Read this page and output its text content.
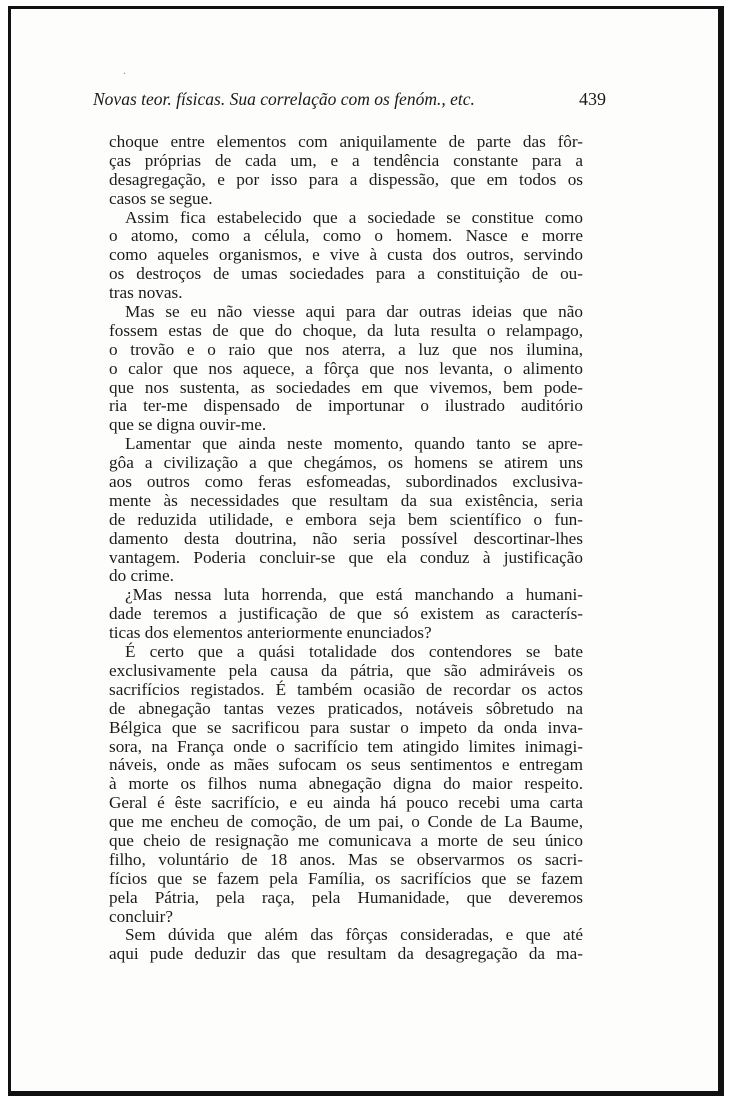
Novas teor. físicas. Sua correlação com os fenóm., etc.	439
choque entre elementos com aniquilamente de parte das fôr-
ças próprias de cada um, e a tendência constante para a
desagregação, e por isso para a dispessão, que em todos os
casos se segue.
Assim fica estabelecido que a sociedade se constitue como
o atomo, como a célula, como o homem. Nasce e morre
como aqueles organismos, e vive à custa dos outros, servindo
os destroços de umas sociedades para a constituição de ou-
tras novas.
Mas se eu não viesse aqui para dar outras ideias que não
fossem estas de que do choque, da luta resulta o relampago,
o trovão e o raio que nos aterra, a luz que nos ilumina,
o calor que nos aquece, a fôrça que nos levanta, o alimento
que nos sustenta, as sociedades em que vivemos, bem pode-
ria ter-me dispensado de importunar o ilustrado auditório
que se digna ouvir-me.
Lamentar que ainda neste momento, quando tanto se apre-
gôa a civilização a que chegámos, os homens se atirem uns
aos outros como feras esfomeadas, subordinados exclusiva-
mente às necessidades que resultam da sua existência, seria
de reduzida utilidade, e embora seja bem scientífico o fun-
damento desta doutrina, não seria possível descortinar-lhes
vantagem. Poderia concluir-se que ela conduz à justificação
do crime.
¿Mas nessa luta horrenda, que está manchando a humani-
dade teremos a justificação de que só existem as caracterís-
ticas dos elementos anteriormente enunciados?
É certo que a quási totalidade dos contendores se bate
exclusivamente pela causa da pátria, que são admiráveis os
sacrifícios registados. É também ocasião de recordar os actos
de abnegação tantas vezes praticados, notáveis sôbretudo na
Bélgica que se sacrificou para sustar o impeto da onda inva-
sora, na França onde o sacrifício tem atingido limites inimagi-
náveis, onde as mães sufocam os seus sentimentos e entregam
à morte os filhos numa abnegação digna do maior respeito.
Geral é êste sacrifício, e eu ainda há pouco recebi uma carta
que me encheu de comoção, de um pai, o Conde de La Baume,
que cheio de resignação me comunicava a morte de seu único
filho, voluntário de 18 anos. Mas se observarmos os sacri-
fícios que se fazem pela Família, os sacrifícios que se fazem
pela Pátria, pela raça, pela Humanidade, que deveremos
concluir?
Sem dúvida que além das fôrças consideradas, e que até
aqui pude deduzir das que resultam da desagregação da ma-
·
